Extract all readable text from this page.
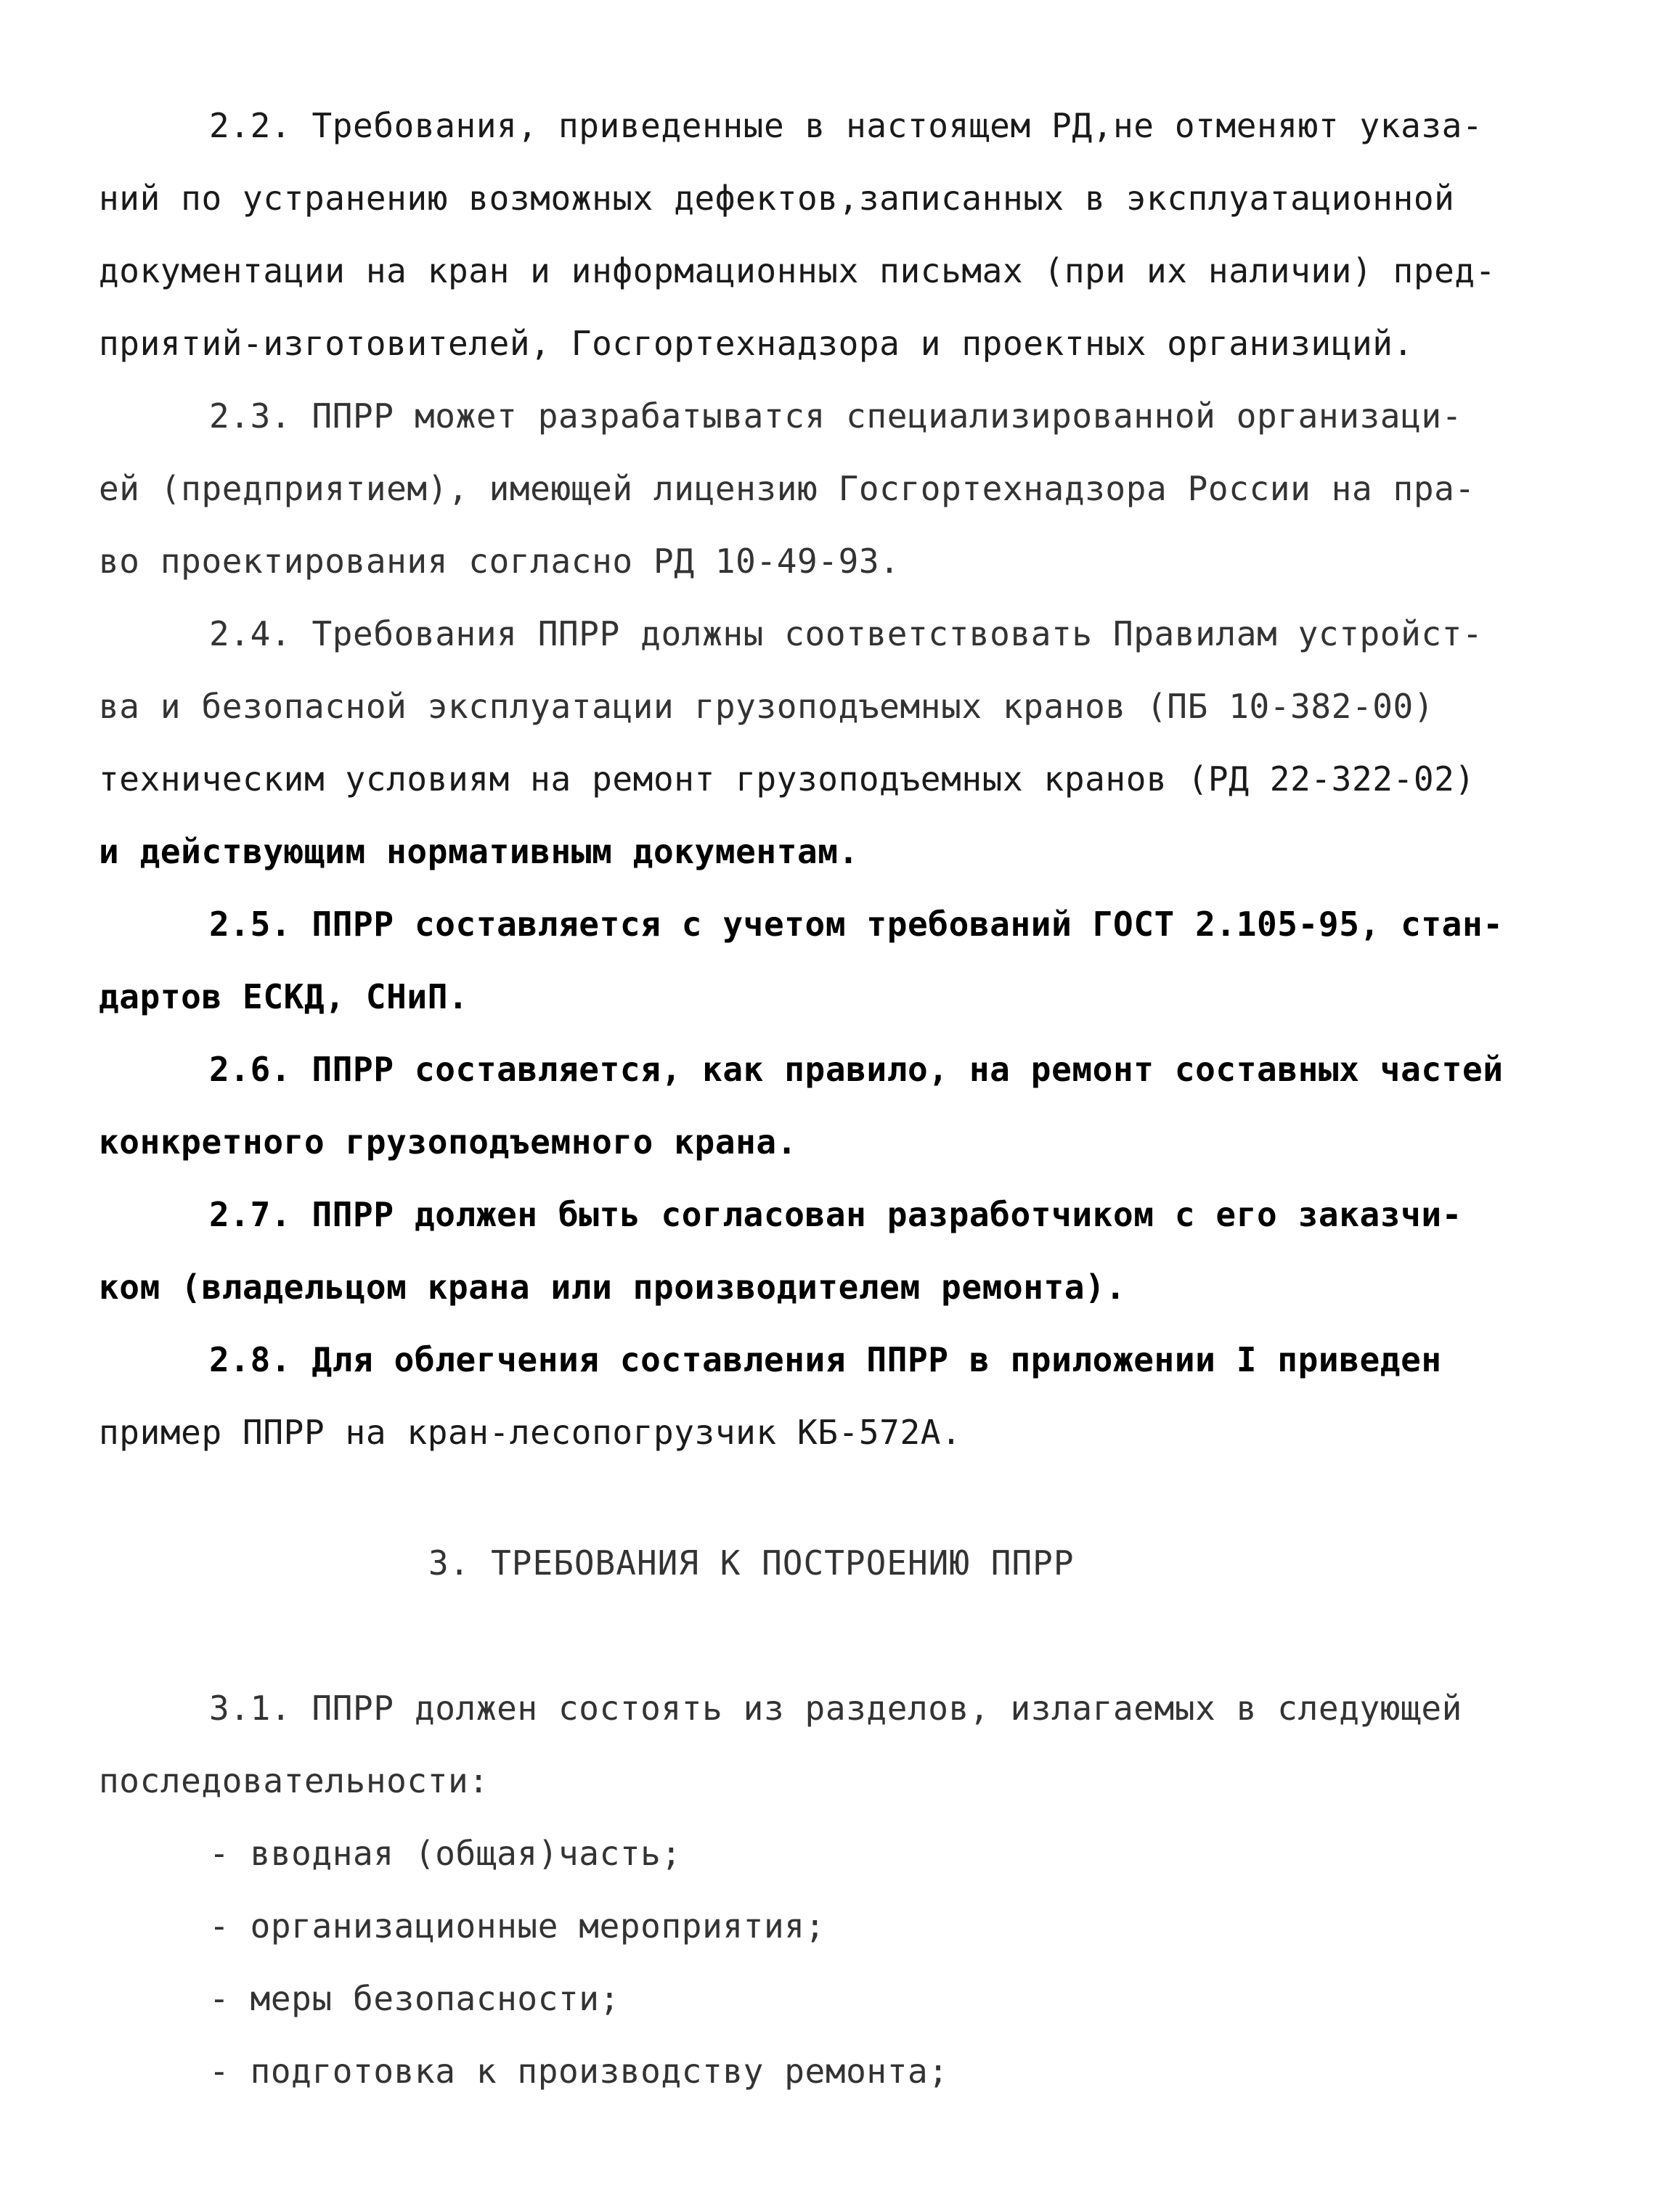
2.2. Требования, приведенные в настоящем РД,не отменяют указа-
ний по устранению возможных дефектов,записанных в эксплуатационной
документации на кран и информационных письмах (при их наличии) пред-
приятий-изготовителей, Госгортехнадзора и проектных организиций.
2.3. ППРР может разрабатыватся специализированной организаци-
ей (предприятием), имеющей лицензию Госгортехнадзора России на пра-
во проектирования согласно РД 10-49-93.
2.4. Требования ППРР должны соответствовать Правилам устройст-
ва и безопасной эксплуатации грузоподъемных кранов (ПБ 10-382-00)
техническим условиям на ремонт грузоподъемных кранов (РД 22-322-02)
и действующим нормативным документам.
2.5. ППРР составляется с учетом требований ГОСТ 2.105-95, стан-
дартов ЕСКД, СНиП.
2.6. ППРР составляется, как правило, на ремонт составных частей
конкретного грузоподъемного крана.
2.7. ППРР должен быть согласован разработчиком с его заказчи-
ком (владельцом крана или производителем ремонта).
2.8. Для облегчения составления ППРР в приложении I приведен
пример ППРР на кран-лесопогрузчик КБ-572А.
3. ТРЕБОВАНИЯ К ПОСТРОЕНИЮ ППРР
3.1. ППРР должен состоять из разделов, излагаемых в следующей
последовательности:
- вводная (общая)часть;
- организационные мероприятия;
- меры безопасности;
- подготовка к производству ремонта;
